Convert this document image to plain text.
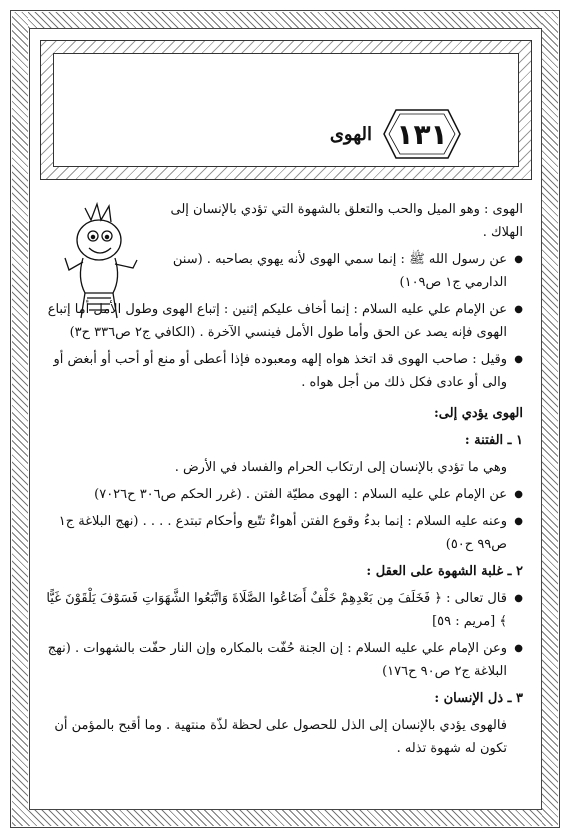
١٣١
الهوى

الهوى : وهو الميل والحب والتعلق بالشهوة التي تؤدي بالإنسان إلى الهلاك .

● عن رسول الله ﷺ : إنما سمي الهوى لأنه يهوي بصاحبه . (سنن الدارمي ج١ ص١٠٩)

● عن الإمام علي عليه السلام : إنما أخاف عليكم إثنين : إتباع الهوى وطول الأمل أما إتباع الهوى فإنه يصد عن الحق وأما طول الأمل فينسي الآخرة . (الكافي ج٢ ص٣٣٦ ح٣)

● وقيل : صاحب الهوى قد اتخذ هواه إلهه ومعبوده فإذا أعطى أو منع أو أحب أو أبغض أو والى أو عادى فكل ذلك من أجل هواه .

الهوى يؤدي إلى:

١ ـ الفتنة :

وهي ما تؤدي بالإنسان إلى ارتكاب الحرام والفساد في الأرض .

● عن الإمام علي عليه السلام : الهوى مطيّة الفتن . (غرر الحكم ص٣٠٦ ح٧٠٢٦)

● وعنه عليه السلام : إنما بدءُ وقوع الفتن أهواءٌ تتّبع وأحكام تبتدع . . . . (نهج البلاغة ج١ ص٩٩ ح٥٠)

٢ ـ غلبة الشهوة على العقل :

● قال تعالى : ﴿ فَخَلَفَ مِن بَعْدِهِمْ خَلْفٌ أَضَاعُوا الصَّلَاةَ وَاتَّبَعُوا الشَّهَوَاتِ فَسَوْفَ يَلْقَوْنَ غَيًّا ﴾ [مريم : ٥٩]

● وعن الإمام علي عليه السلام : إن الجنة حُفّت بالمكاره وإن النار حفّت بالشهوات . (نهج البلاغة ج٢ ص٩٠ ح١٧٦)

٣ ـ ذل الإنسان :

فالهوى يؤدي بالإنسان إلى الذل للحصول على لحظة لذّة منتهية . وما أقبح بالمؤمن أن تكون له شهوة تذله .
